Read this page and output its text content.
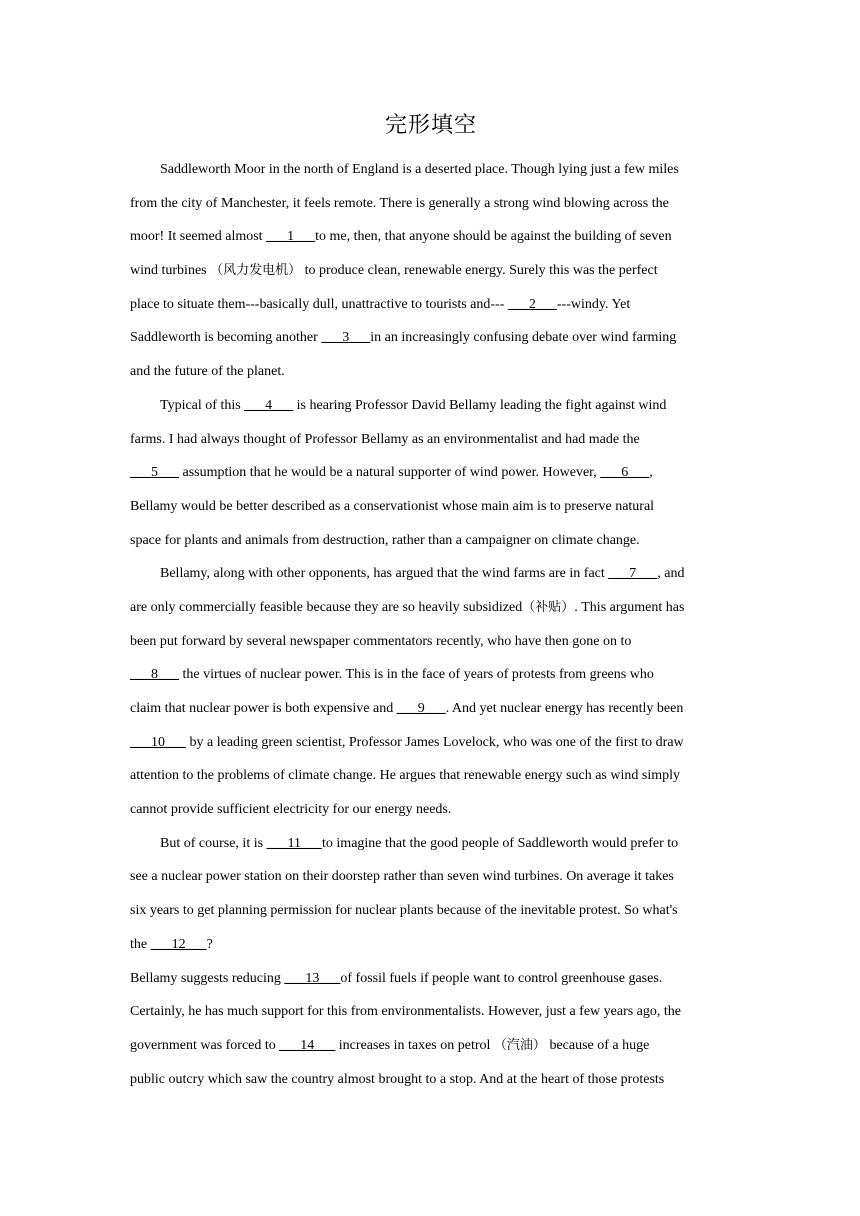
完形填空
Saddleworth Moor in the north of England is a deserted place. Though lying just a few miles
from the city of Manchester, it feels remote. There is generally a strong wind blowing across the
moor! It seemed almost ___1___to me, then, that anyone should be against the building of seven
wind turbines （风力发电机） to produce clean, renewable energy. Surely this was the perfect
place to situate them---basically dull, unattractive to tourists and--- ___2___---windy. Yet
Saddleworth is becoming another ___3___in an increasingly confusing debate over wind farming
and the future of the planet.
Typical of this ___4___ is hearing Professor David Bellamy leading the fight against wind
farms. I had always thought of Professor Bellamy as an environmentalist and had made the
___5___ assumption that he would be a natural supporter of wind power. However, ___6___,
Bellamy would be better described as a conservationist whose main aim is to preserve natural
space for plants and animals from destruction, rather than a campaigner on climate change.
Bellamy, along with other opponents, has argued that the wind farms are in fact ___7___, and
are only commercially feasible because they are so heavily subsidized（补贴）. This argument has
been put forward by several newspaper commentators recently, who have then gone on to
___8___ the virtues of nuclear power. This is in the face of years of protests from greens who
claim that nuclear power is both expensive and ___9___. And yet nuclear energy has recently been
___10___ by a leading green scientist, Professor James Lovelock, who was one of the first to draw
attention to the problems of climate change. He argues that renewable energy such as wind simply
cannot provide sufficient electricity for our energy needs.
But of course, it is ___11___to imagine that the good people of Saddleworth would prefer to
see a nuclear power station on their doorstep rather than seven wind turbines. On average it takes
six years to get planning permission for nuclear plants because of the inevitable protest. So what's
the ___12___?
Bellamy suggests reducing ___13___of fossil fuels if people want to control greenhouse gases.
Certainly, he has much support for this from environmentalists. However, just a few years ago, the
government was forced to ___14___ increases in taxes on petrol （汽油） because of a huge
public outcry which saw the country almost brought to a stop. And at the heart of those protests
